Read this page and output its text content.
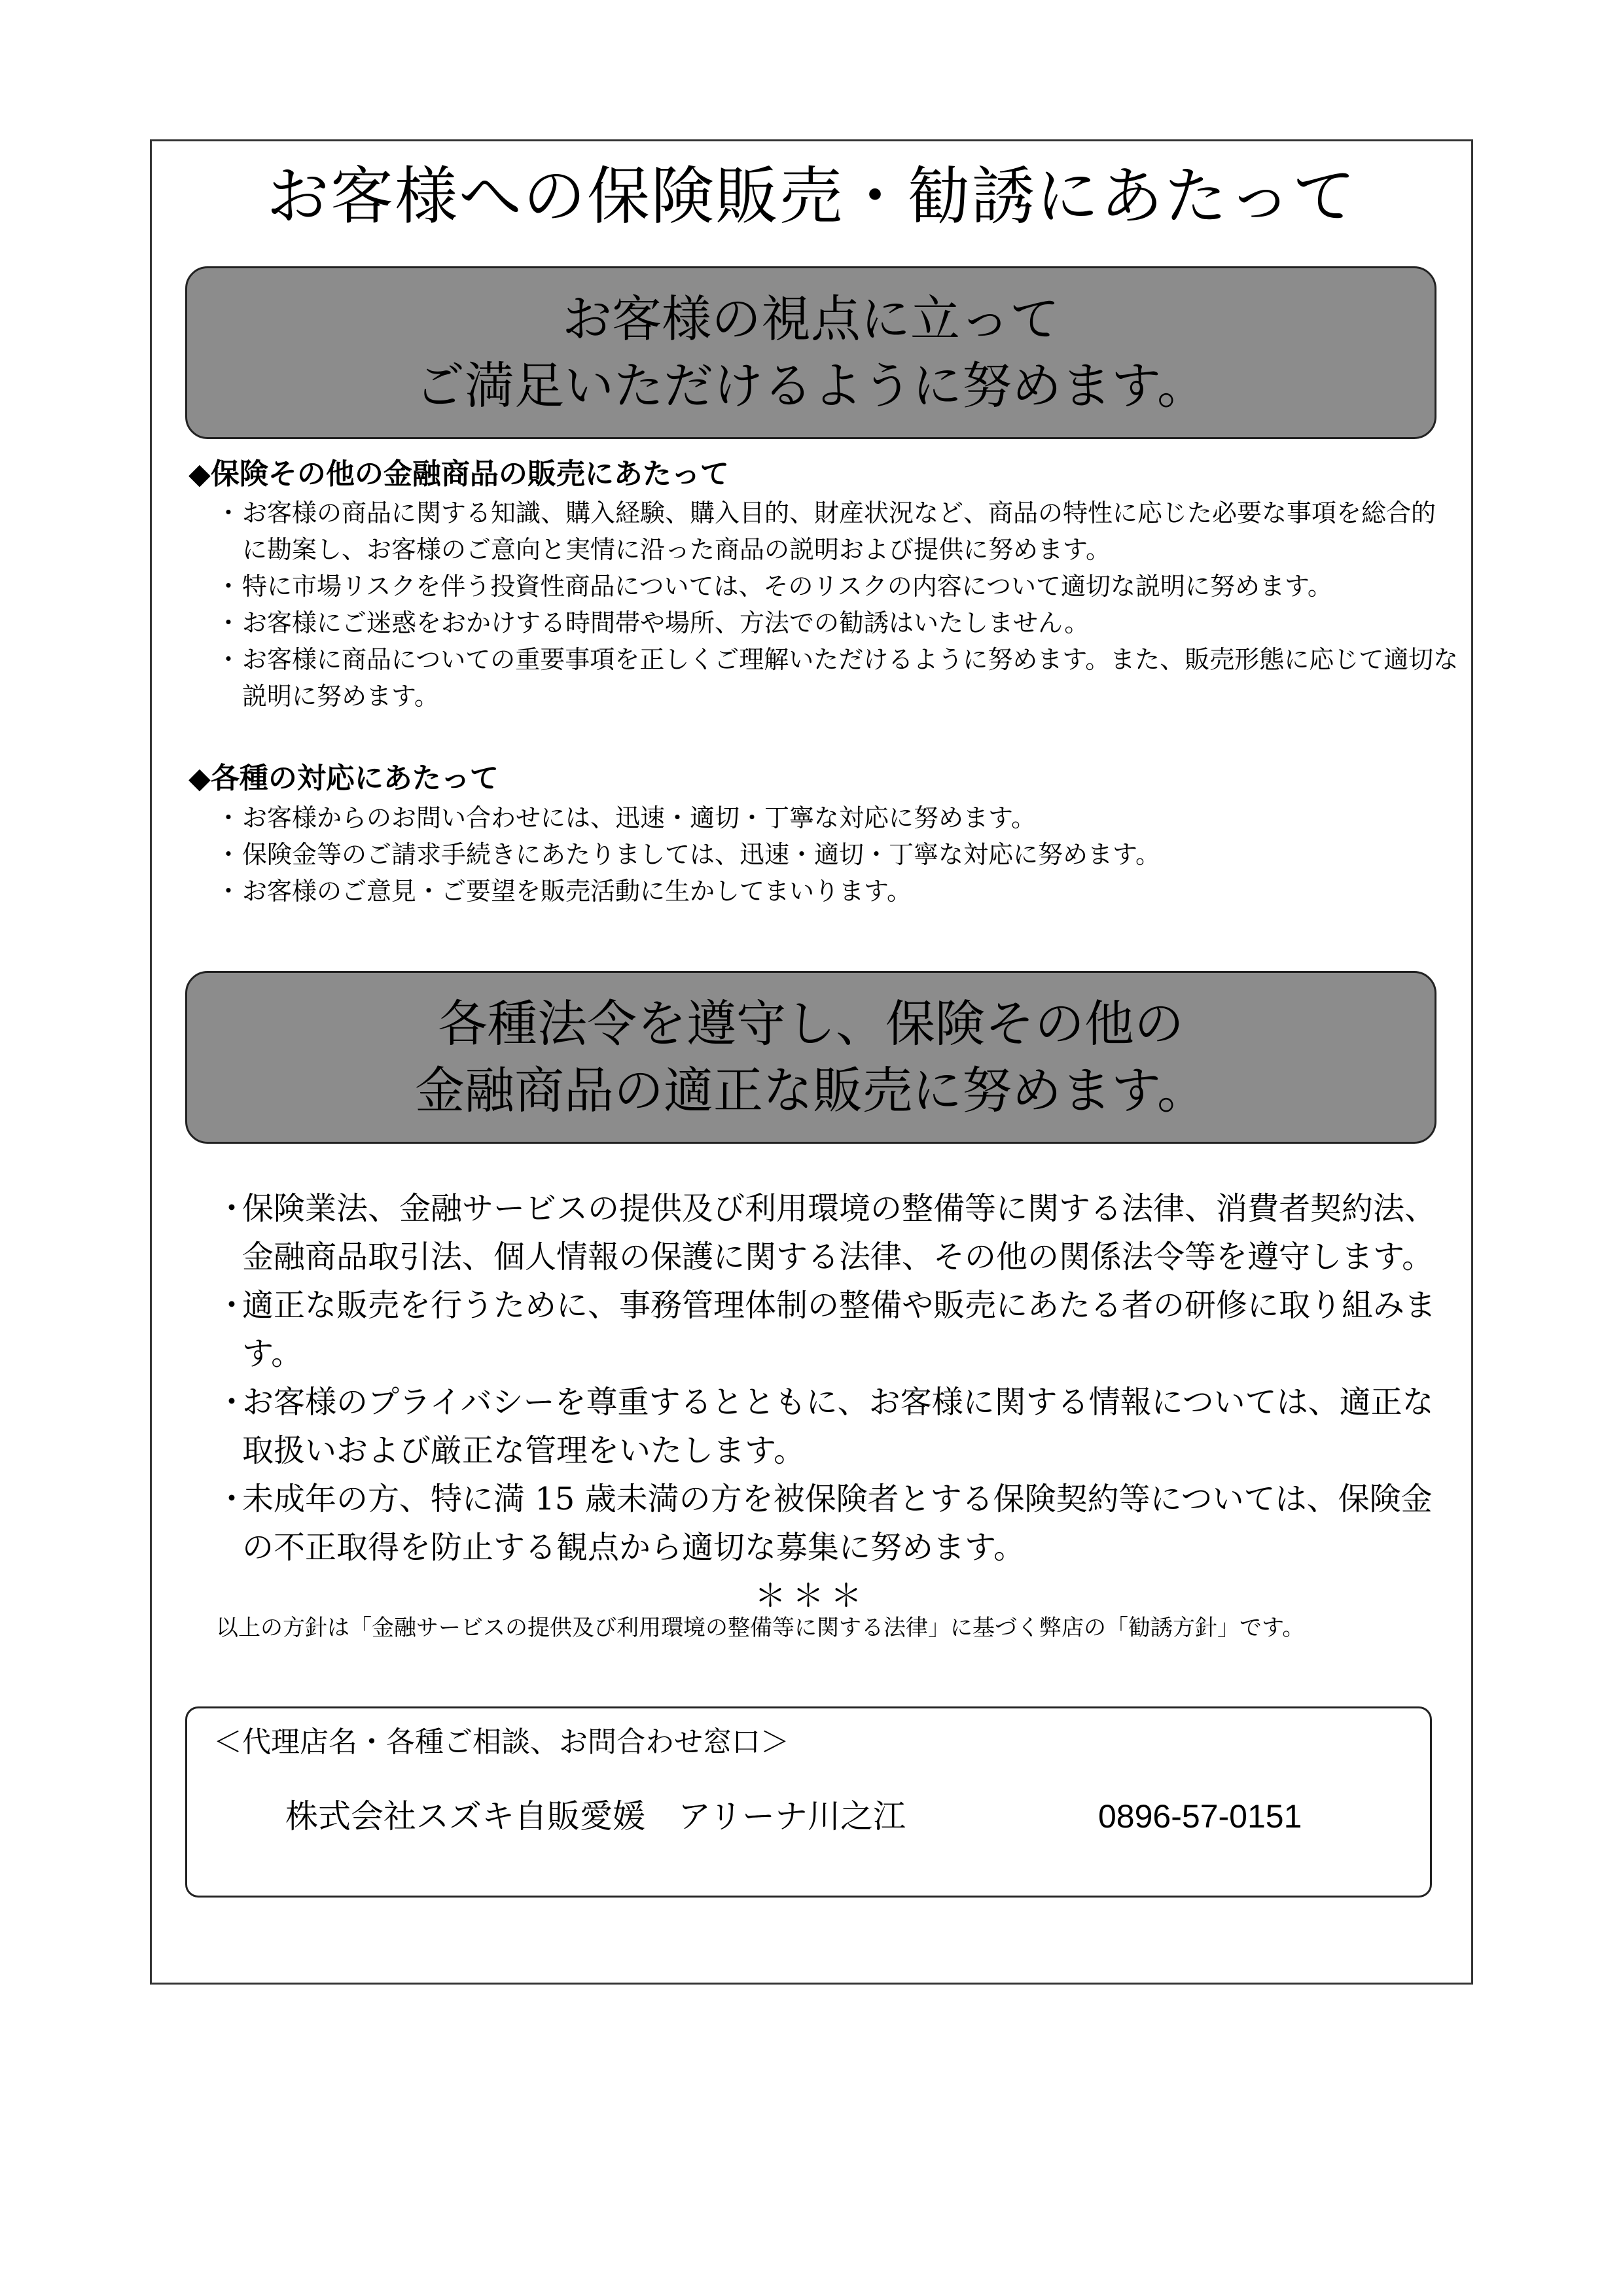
お客様への保険販売・勧誘にあたって
お客様の視点に立って
ご満足いただけるように努めます。
◆保険その他の金融商品の販売にあたって
・ お客様の商品に関する知識、購入経験、購入目的、財産状況など、商品の特性に応じた必要な事項を総合的に勘案し、お客様のご意向と実情に沿った商品の説明および提供に努めます。
・ 特に市場リスクを伴う投資性商品については、そのリスクの内容について適切な説明に努めます。
・ お客様にご迷惑をおかけする時間帯や場所、方法での勧誘はいたしません。
・ お客様に商品についての重要事項を正しくご理解いただけるように努めます。また、販売形態に応じて適切な説明に努めます。
◆各種の対応にあたって
・ お客様からのお問い合わせには、迅速・適切・丁寧な対応に努めます。
・ 保険金等のご請求手続きにあたりましては、迅速・適切・丁寧な対応に努めます。
・ お客様のご意見・ご要望を販売活動に生かしてまいります。
各種法令を遵守し、保険その他の
金融商品の適正な販売に努めます。
・ 保険業法、金融サービスの提供及び利用環境の整備等に関する法律、消費者契約法、金融商品取引法、個人情報の保護に関する法律、その他の関係法令等を遵守します。
・ 適正な販売を行うために、事務管理体制の整備や販売にあたる者の研修に取り組みます。
・ お客様のプライバシーを尊重するとともに、お客様に関する情報については、適正な取扱いおよび厳正な管理をいたします。
・ 未成年の方、特に満 15 歳未満の方を被保険者とする保険契約等については、保険金の不正取得を防止する観点から適切な募集に努めます。

＊＊＊

以上の方針は「金融サービスの提供及び利用環境の整備等に関する法律」に基づく弊店の「勧誘方針」です。

＜代理店名・各種ご相談、お問合わせ窓口＞
株式会社スズキ自販愛媛　アリーナ川之江	0896-57-0151
